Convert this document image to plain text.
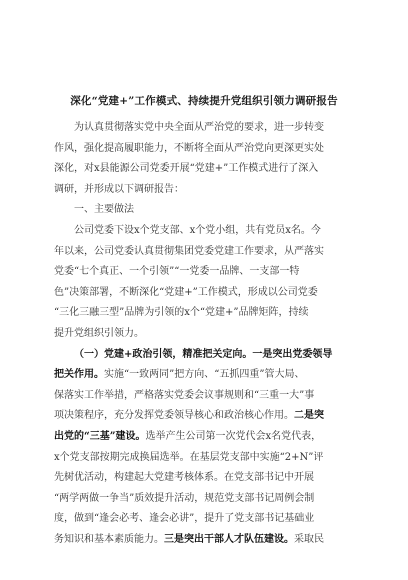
深化“党建+”工作模式、持续提升党组织引领力调研报告

为认真贯彻落实党中央全面从严治党的要求，进一步转变

作风，强化提高履职能力，不断将全面从严治党向更深更实处
深化，对x县能源公司党委开展“党建+”工作模式进行了深入
调研，并形成以下调研报告：

一、主要做法

公司党委下设x个党支部、x个党小组，共有党员x名。今

年以来，公司党委认真贯彻集团党委党建工作要求，从严落实
党委“七个真正、一个引领”“一党委一品牌、一支部一特
色”决策部署，不断深化“党建+”工作模式，形成以公司党委
“三化三融三型”品牌为引领的x个“党建+”品牌矩阵，持续
提升党组织引领力。

（一）党建+政治引领，精准把关定向。一是突出党委领导

把关作用。实施“一致两同”把方向、“五抓四重”管大局、
保落实工作举措，严格落实党委会议事规则和“三重一大”事
项决策程序，充分发挥党委领导核心和政治核心作用。二是突
出党的“三基”建设。选举产生公司第一次党代会x名党代表，
x个党支部按期完成换届选举。在基层党支部中实施“2+N”评
先树优活动，构建起大党建考核体系。在党支部书记中开展
“两学两做一争当”质效提升活动，规范党支部书记周例会制
度，做到“逢会必考、逢会必讲”，提升了党支部书记基础业
务知识和基本素质能力。三是突出干部人才队伍建设。采取民
